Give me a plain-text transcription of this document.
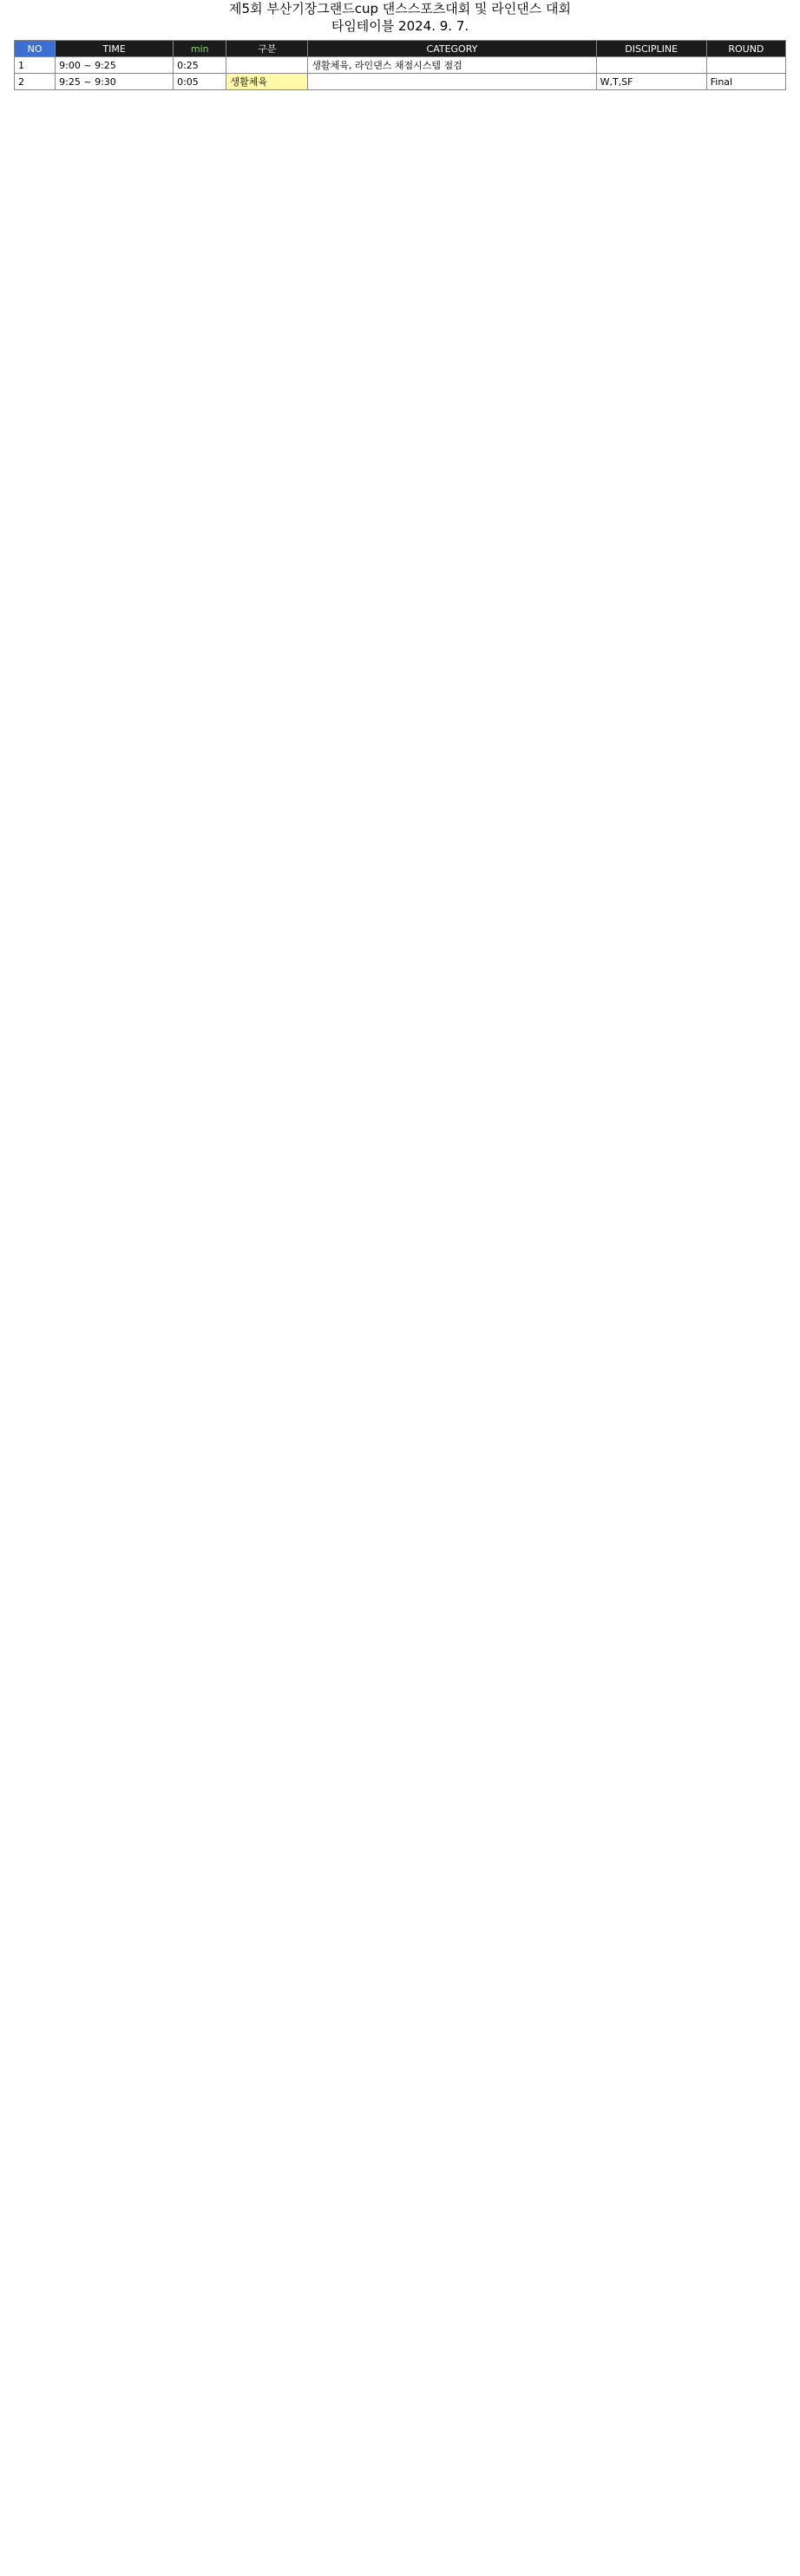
제5회 부산기장그랜드cup 댄스스포츠대회 및 라인댄스 대회
타임테이블 2024. 9. 7.
NO	TIME	min	구분	CATEGORY	DISCIPLINE	ROUND
1	9:00 ~ 9:25	0:25		생활체육, 라인댄스 채점시스템 점검		
2	9:25 ~ 9:30	0:05	생활체육		W,T,SF	Final
